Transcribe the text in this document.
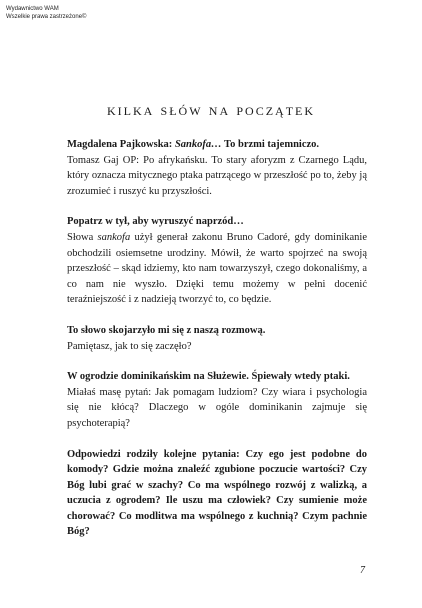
Wydawnictwo WAM
Wszelkie prawa zastrzeżone©
kilka słów na początek

Magdalena Pajkowska: Sankofa… To brzmi tajemniczo.

Tomasz Gaj OP: Po afrykańsku. To stary aforyzm z Czarnego Lądu, który oznacza mitycznego ptaka patrzącego w przeszłość po to, żeby ją zrozumieć i ruszyć ku przyszłości.

Popatrz w tył, aby wyruszyć naprzód…

Słowa sankofa użył generał zakonu Bruno Cadoré, gdy dominikanie obchodzili osiemsetne urodziny. Mówił, że warto spojrzeć na swoją przeszłość – skąd idziemy, kto nam towarzyszył, czego dokonaliśmy, a co nam nie wyszło. Dzięki temu możemy w pełni docenić teraźniejszość i z nadzieją tworzyć to, co będzie.

To słowo skojarzyło mi się z naszą rozmową.

Pamiętasz, jak to się zaczęło?

W ogrodzie dominikańskim na Służewie. Śpiewały wtedy ptaki.

Miałaś masę pytań: Jak pomagam ludziom? Czy wiara i psychologia się nie kłócą? Dlaczego w ogóle dominikanin zajmuje się psychoterapią?

Odpowiedzi rodziły kolejne pytania: Czy ego jest podobne do komody? Gdzie można znaleźć zgubione poczucie wartości? Czy Bóg lubi grać w szachy? Co ma wspólnego rozwój z walizką, a uczucia z ogrodem? Ile uszu ma człowiek? Czy sumienie może chorować? Co modlitwa ma wspólnego z kuchnią? Czym pachnie Bóg?

7
